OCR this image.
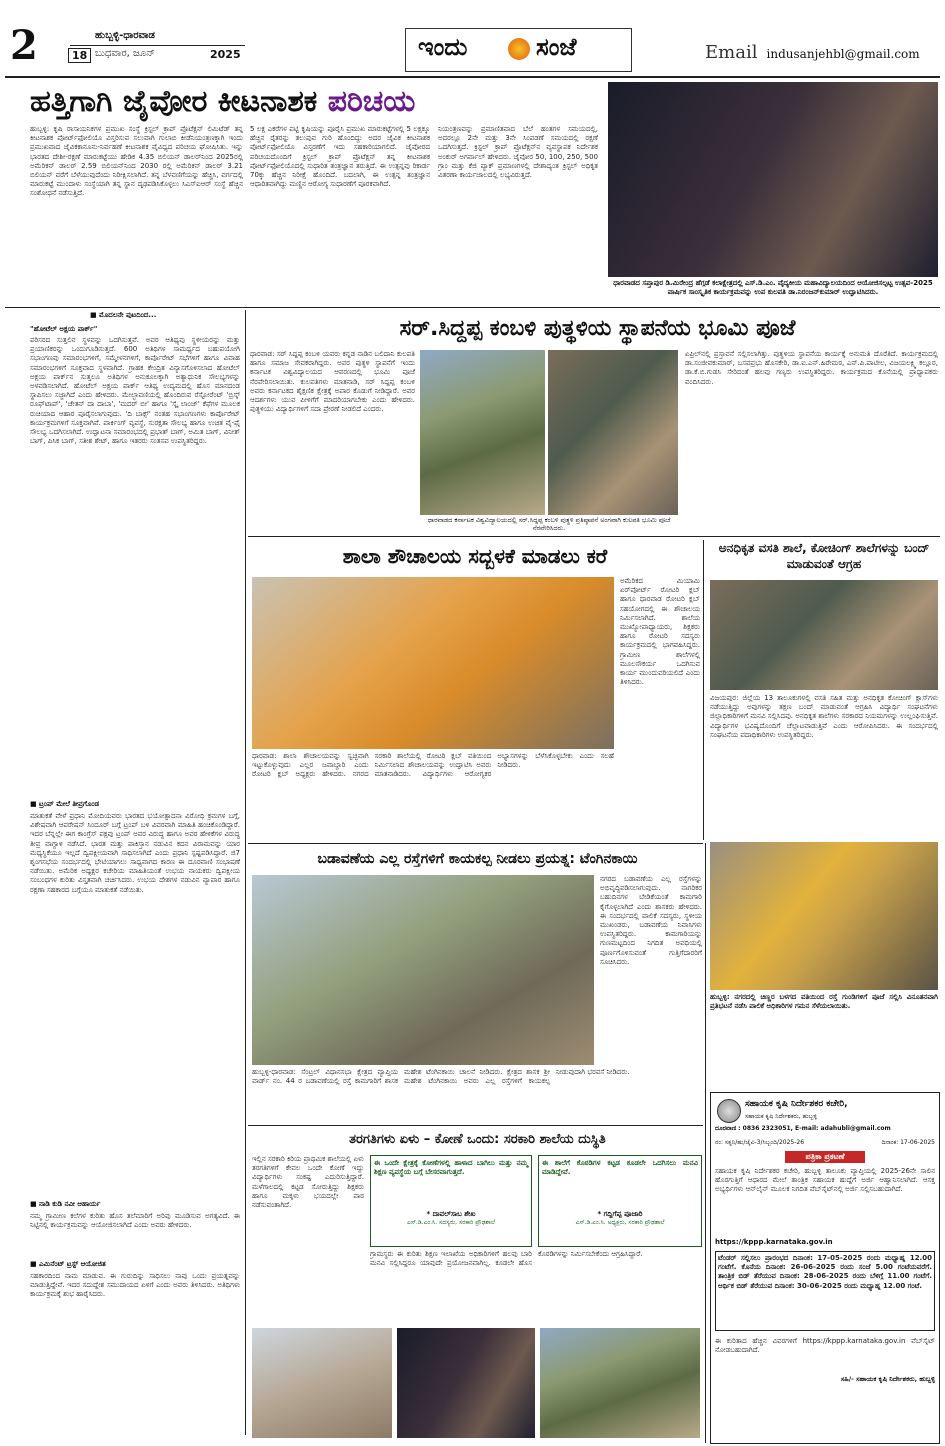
2	18
ಹುಬ್ಬಳ್ಳಿ-ಧಾರವಾಡ
ಬುಧವಾರ, ಜೂನ್	2025	ಇಂದು	ಸಂಜೆ	Email indusanjehbl@gmail.com
ಹತ್ತಿಗಾಗಿ ಜೈವೋರ ಕೀಟನಾಶಕ ಪರಿಚಯ
ಹುಬ್ಬಳ್ಳಿ: ಕೃಷಿ ರಾಸಾಯನಿಕಗಳ ಪ್ರಮುಖ ಸಂಸ್ಥೆ ಕ್ರಿಸ್ಟಲ್ ಕ್ರಾಪ್ ಪ್ರೊಟೆಕ್ಷನ್ ಲಿಮಿಟೆಡ್ ತನ್ನ ಕೀಟನಾಶಕ ಪೋರ್ಟ್‌ಫೋಲಿಯೊ ವಿಸ್ತರಿಸುವ ಸಲುವಾಗಿ ಗುಲಾಬಿ ಕೀಡೆನಿಯಂತ್ರಣಕ್ಕಾಗಿ ಇಂದು ಪ್ರಮುಖವಾದ ಜೈವಿಕಕಾನೂನು-ನಿರ್ವಹಣೆ ಕೀಟನಾಶಕ ವೈವಿಧ್ಯದ ಪರಿಚಯ ಘೋಷಿಸಿತು. ಇನ್ನು ಭಾರತದ ದೇಶೀ-ರಕ್ಷಣೆ ಮಾರುಕಟ್ಟೆಯು ಹೇಡಿಕ 4.35 ಬಿಲಿಯನ್ ಡಾಲರ್‌ನಿಂದ 2025ರಲ್ಲಿ ಅಮೆರಿಕನ್ ಡಾಲರ್ 2.59 ಬಿಲಿಯನ್‌ನಿಂದ 2030 ರಲ್ಲಿ ಅಮೆರಿಕನ್ ಡಾಲರ್ 3.21 ಬಿಲಿಯನ್ ವರೆಗೆ ಬೆಳೆಯುವುದೆಂದು ನಿರೀಕ್ಷಿಸಲಾಗಿದೆ. ತನ್ನ ಬೆಳವಣಿಗೆಯನ್ನು ಹೆಚ್ಚಿಸಿ, ವರ್ಗದಲ್ಲಿ ಮಾರುಕಟ್ಟೆ ಮುಂದಾಳು ಸಂಸ್ಥೆಯಾಗಿ ತನ್ನ ಸ್ಥಾನ ದೃಢಪಡಿಸಿಕೊಳ್ಳಲು ಸಿಎಸ್‌ಐಆರ್ ಸಂಸ್ಥೆ ಹೆಚ್ಚಿನ ಸಂಶೋಧನೆ ನಡೆಸುತ್ತಿದೆ.
5 ಲಕ್ಷ ಎಕರೆಗಳ ಪಟ್ಟಿ ಕೃಷಿಯನ್ನು ಪೂರೈಸಿ ಪ್ರಮುಖ ಮಾರುಕಟ್ಟೆಗಳಲ್ಲಿ 5 ಲಕ್ಷಕ್ಕೂ ಹೆಚ್ಚಿನ ರೈತರನ್ನು ತಲುಪುವ ಗುರಿ ಹೊಂದಿದ್ದು ಅದರ ಜೈವಿಕ ಕೀಟನಾಶಕ ಪೋರ್ಟ್‌ಫೋಲಿಯೊ ವಿಸ್ತರಣೆಗೆ ಇದು ಸಹಕಾರಿಯಾಗಲಿದೆ. ಜೈವೋರದ ಪರಿಚಯದೊಂದಿಗೆ ಕ್ರಿಸ್ಟಲ್ ಕ್ರಾಪ್ ಪ್ರೊಟೆಕ್ಷನ್ ತನ್ನ ಕೀಟನಾಶಕ ಪೋರ್ಟ್‌ಫೋಲಿಯೊದಲ್ಲಿ ಸುಧಾರಿತ ತಂತ್ರಜ್ಞಾನ ತರುತ್ತಿದೆ. ಈ ಉತ್ಪನ್ನವು ರಿಕಾರ್ಡ 70ಕ್ಕು ಹೆಚ್ಚಿನ ನಿರೀಕ್ಷೆ ಹೊಂದಿದೆ. ಬದಲಾಗಿ, ಈ ಉತ್ಪನ್ನ ತಂತ್ರಜ್ಞಾನ ಆಧಾರಿತವಾಗಿದ್ದು ಮಣ್ಣಿನ ಆರೋಗ್ಯ ಸುಧಾರಣೆಗೆ ಪೂರಕವಾಗಿದೆ.
ನಿಯಂತ್ರಣವನ್ನು ಪ್ರಮಾಣಿತವಾದ ಬೆಲೆ ಹಂತಗಳ ಸಮಯದಲ್ಲಿ, ಅದರಲ್ಲೂ 2ನೇ ಮತ್ತು 3ನೇ ಸಿಂಪಡಣೆ ಸಮಯದಲ್ಲಿ ರಕ್ಷಣೆ ಒದಗಿಸುತ್ತದೆ. ಕ್ರಿಸ್ಟಲ್ ಕ್ರಾಪ್ ಪ್ರೊಟೆಕ್ಷನ್‌ನ ವ್ಯವಸ್ಥಾಪಕ ನಿರ್ದೇಶಕ ಅಂಕುರ್ ಅಗರ್ವಾಲ್ ಹೇಳಿದರು. ಜೈವೋರ 50, 100, 250, 500 ಗ್ರಾಂ ಮತ್ತು ಕೆಜಿ ಪ್ಯಾಕ್ ಪ್ರಮಾಣಗಳಲ್ಲಿ ದೇಶಾದ್ಯಂತ ಕ್ರಿಸ್ಟಲ್ ಅಧಿಕೃತ ವಿತರಣಾ ಕಾರ್ಯಜಾಲದಲ್ಲಿ ಲಭ್ಯವಿರುತ್ತದೆ.
ಧಾರವಾಡದ ಸಪ್ತಾಪುರ ಡಿ.ಮಿರೇಂದ್ರ ಹೆಗ್ಗಡೆ ಕಲಾಕ್ಷೇತ್ರದಲ್ಲಿ ಎಸ್.ಡಿ.ಎಂ. ವೈದ್ಯಕೀಯ ಮಹಾವಿದ್ಯಾಲಯದಿಂದ ಆಯೋಜಿಸಲ್ಪಟ್ಟ ಉತ್ಸವ-2025 ವಾರ್ಷಿಕ ಸಾಂಸ್ಕೃತಿಕ ಕಾರ್ಯಕ್ರಮವನ್ನು ಉಪ ಕುಲಪತಿ ಡಾ.ನಿರಂಜನ್‌ಕುಮಾರ್ ಉದ್ಘಾಟಿಸಿದರು.
■ ಮೊದಲನೇ ಪುಟದಿಂದ...
"ಹೋಟೆಲ್ ಅಕ್ಷಯ ಪಾರ್ಕ್"
ಪರಿಸರದ ಸುತ್ತಲಿನ ಸ್ಥಳವನ್ನು ಒದಗಿಸುತ್ತವೆ. ಅವರ ಆತಿಥ್ಯವು ಸ್ಥಳೀಯರನ್ನು ಮತ್ತು ಪ್ರಯಾಣಿಕರನ್ನು ಒಂದುಗೂಡಿಸುತ್ತದೆ. 600 ಅತಿಥಿಗಳ ಸಾಮರ್ಥ್ಯದ ಬಹುಪಯೋಗಿ ಸಭಾಂಗಣವು ಸಮಾರಂಭಗಳಿಗೆ, ಸಮ್ಮೇಳನಗಳಿಗೆ, ಕಾರ್ಪೊರೇಟ್ ಸಭೆಗಳಿಗೆ ಹಾಗೂ ವಿವಾಹ ಸಮಾರಂಭಗಳಿಗೆ ಸೂಕ್ತವಾದ ಸ್ಥಳವಾಗಿದೆ. ಗ್ರಾಹಕ ಕೇಂದ್ರಿತ ವಿನ್ಯಾಸಗೊಳಿಸಲಾದ ಹೋಟೆಲ್ ಅಕ್ಷಯ ಪಾರ್ಕ್‌ನ ಸುತ್ತಲೂ ಅತಿಥಿಗಳ ಅನುಕೂಲಕ್ಕಾಗಿ ಅತ್ಯಾಧುನಿಕ ಸೌಲಭ್ಯಗಳನ್ನು ಅಳವಡಿಸಲಾಗಿದೆ. ಹೋಟೆಲ್ ಅಕ್ಷಯ ಪಾರ್ಕ್ ಆತಿಥ್ಯ ಉದ್ಯಮದಲ್ಲಿ ಹೊಸ ಮಾನದಂಡ ಸ್ಥಾಪಿಸಲು ಸಜ್ಜಾಗಿದೆ ಎಂದು ಹೇಳಿದರು. ಮೇಲ್ಛಾವಣಿಯಲ್ಲಿ ಹೊಂದಿರುವ ರೆಸ್ಟೋರೆಂಟ್ 'ಬ್ರಿಸ್ಕ್ ರೂಫ್‌ಟಾಪ್', 'ಚೇತನ್ ದಾ ದಾಬಾ', 'ಮದರ್ ಬೀ' ಹಾಗೂ 'ಸ್ಕೈ ಲಾಂಜ್' ಕೆಫೆಗಳ ಮೂಲಕ ರುಚಿಯಾದ ಆಹಾರ ಪೂರೈಸಲಾಗುವುದು. 'ದಿ ಬಾಕ್ಸ್' ನಂತಹ ಸಭಾಂಗಣಗಳು ಕಾರ್ಪೊರೇಟ್ ಕಾರ್ಯಕ್ರಮಗಳಿಗೆ ಸೂಕ್ತವಾಗಿವೆ. ಪಾರ್ಕಿಂಗ್ ವ್ಯವಸ್ಥೆ, ಸುರಕ್ಷತಾ ಸೌಲಭ್ಯ ಹಾಗೂ ಉಚಿತ ವೈ-ಫೈ ಸೌಲಭ್ಯ ಒದಗಿಸಲಾಗಿದೆ. ಉದ್ಘಾಟನಾ ಸಮಾರಂಭದಲ್ಲಿ ಪ್ರಭಾತ್ ಬಾಗ್, ಅಮಿತ ಬಾಗ್, ವಿನೀತ್ ಬಾಗ್, ಪಿಸಿಕ ಬಾಗ್, ಸತೀಶ ಶೇಟ್, ಹಾಗೂ ಇತರರು ಸಂತಸವ ಉಪಸ್ಥಿತರಿದ್ದರು.
■ ಟ್ರಂಪ್ ಮೇಲೆ ತೀವ್ರಗೊಂಡ
ಮಾತುಕತೆ ವೇಳೆ ಪ್ರಧಾನಿ ಮೋದಿಯವರು ಭಾರತದ ಭಯೋತ್ಪಾದನಾ ವಿರೋಧಿ ಕ್ರಮಗಳ ಬಗ್ಗೆ, ವಿಶೇಷವಾಗಿ ಆಪರೇಷನ್ ಸಿಂದೂರ್ ಬಗ್ಗೆ ಟ್ರಂಪ್ ಬಳಿ ವಿವರವಾಗಿ ಮಾಹಿತಿ ಹಂಚಿಕೊಂಡಿದ್ದಾರೆ. ಇದರ ಬೆನ್ನಲ್ಲೇ ಈಗ ಕಾಂಗ್ರೆಸ್ ಪಕ್ಷವು ಟ್ರಂಪ್ ಅವರ ವಿರುದ್ಧ ಹಾಗೂ ಅವರ ಹೇಳಿಕೆಗಳ ವಿರುದ್ಧ ತೀವ್ರ ವಾಗ್ದಾಳಿ ನಡೆಸಿದೆ. ಭಾರತ ಮತ್ತು ಪಾಕಿಸ್ತಾನ ನಡುವಿನ ಕದನ ವಿರಾಮವನ್ನು ಯಾರ ಮಧ್ಯಸ್ಥಿಕೆಯೂ ಇಲ್ಲದೆ ದ್ವಿಪಕ್ಷೀಯವಾಗಿ ಸಾಧಿಸಲಾಗಿದೆ ಎಂದು ಪ್ರಧಾನಿ ಸ್ಪಷ್ಟಪಡಿಸಿದ್ದಾರೆ. ಜಿ7 ಶೃಂಗಸಭೆಯ ಸಂದರ್ಭದಲ್ಲಿ ಭೇಟಿಯಾಗಲು ಸಾಧ್ಯವಾಗದ ಕಾರಣ ಈ ದೂರವಾಣಿ ಸಂಭಾಷಣೆ ನಡೆಯಿತು. ಅಮೆರಿಕ ಅಧ್ಯಕ್ಷರ ಕಚೇರಿಯ ಮಾಹಿತಿಯಂತೆ ಉಭಯ ನಾಯಕರು ದ್ವಿಪಕ್ಷೀಯ ಸಂಬಂಧಗಳ ಕುರಿತು ವಿಸ್ತೃತವಾಗಿ ಚರ್ಚಿಸಿದರು. ಉಭಯ ದೇಶಗಳ ನಡುವಿನ ವ್ಯಾಪಾರ ಹಾಗೂ ರಕ್ಷಣಾ ಸಹಕಾರದ ಬಗ್ಗೆಯೂ ಮಾತುಕತೆ ನಡೆಯಿತು.
■ ನಾಡಿ ಕುಡಿ ನವೀ ಆಹಾರ್ಯ
ನಮ್ಮ ಗ್ರಾಮೀಣ ಕಲೆಗಳ ಕುರಿತು ಹೊಸ ತಲೆಮಾರಿಗೆ ಅರಿವು ಮೂಡಿಸುವ ಅಗತ್ಯವಿದೆ. ಈ ನಿಟ್ಟಿನಲ್ಲಿ ಕಾರ್ಯಕ್ರಮವನ್ನು ಆಯೋಜಿಸಲಾಗಿದೆ ಎಂದು ಅವರು ಹೇಳಿದರು.
■ ಎಮಿನೆಂಟ್ ಟ್ರಸ್ಟ್ ಆಯೋಜಿತ
ಸಹಕಾರದಿಂದ ನಾಮ ಮಾಡುವ. ಈ ಗುರುದಿನ್ನು ಸಾಧಿಸಲು ನಾವು ಒಂದು ಪ್ರಯತ್ನವನ್ನು ಮಾಡುತ್ತಿದ್ದೇವೆ. ಇದರ ಸದುದ್ದೇಶ ಸಮುದಾಯದ ಏಳಿಗೆ ಎಂದು ಅವರು ತಿಳಿಸಿದರು. ಅತಿಥಿಗಳು ಕಾರ್ಯಕ್ರಮಕ್ಕೆ ಶುಭ ಹಾರೈಸಿದರು.
ಸರ್.ಸಿದ್ದಪ್ಪ ಕಂಬಳಿ ಪುತ್ಥಳಿಯ ಸ್ಥಾಪನೆಯ ಭೂಮಿ ಪೂಜೆ
ಧಾರವಾಡ: ಸರ್ ಸಿದ್ದಪ್ಪ ಕಂಬಳಿ ಯವರು ಕನ್ನಡ ನಾಡಿನ ಬಲಿದಾನಿ ಕುಲಪತಿ ಹಾಗೂ ಸಮಾಜ ಸೇವಕರಾಗಿದ್ದರು. ಅವರ ಪುತ್ಥಳಿ ಸ್ಥಾಪನೆಗೆ ಇಂದು ಕರ್ನಾಟಕ ವಿಶ್ವವಿದ್ಯಾಲಯದ ಆವರಣದಲ್ಲಿ ಭೂಮಿ ಪೂಜೆ ನೆರವೇರಿಸಲಾಯಿತು. ಕುಲಪತಿಗಳು ಮಾತನಾಡಿ, ಸರ್ ಸಿದ್ದಪ್ಪ ಕಂಬಳಿ ಅವರು ಕರ್ನಾಟಕದ ಶೈಕ್ಷಣಿಕ ಕ್ಷೇತ್ರಕ್ಕೆ ಅಪಾರ ಕೊಡುಗೆ ನೀಡಿದ್ದಾರೆ. ಅವರ ಆದರ್ಶಗಳು ಯುವ ಪೀಳಿಗೆಗೆ ಮಾದರಿಯಾಗಬೇಕು ಎಂದು ಹೇಳಿದರು. ಪುತ್ಥಳಿಯು ವಿದ್ಯಾರ್ಥಿಗಳಿಗೆ ಸದಾ ಪ್ರೇರಣೆ ನೀಡಲಿದೆ ಎಂದರು.
ಧಾರವಾಡದ ಕರ್ನಾಟಕ ವಿಶ್ವವಿದ್ಯಾಲಯದಲ್ಲಿ ಸರ್.ಸಿದ್ದಪ್ಪ ಕಂಬಳಿ ಪುತ್ಥಳಿ ಪ್ರತಿಷ್ಠಾಪನೆ ಅಂಗವಾಗಿ ಕುಲಪತಿ ಭೂಮಿ ಪೂಜೆ ನೆರವೇರಿಸಿದರು.
ಏಪ್ರಿಲ್‌ನಲ್ಲಿ ಪ್ರಸ್ತಾವನೆ ಸಲ್ಲಿಸಲಾಗಿತ್ತು. ಪುತ್ಥಳಿಯ ಸ್ಥಾಪನೆಯ ಕಾರ್ಯಕ್ಕೆ ಅನುಮತಿ ದೊರೆತಿದೆ. ಕಾರ್ಯಕ್ರಮದಲ್ಲಿ ಡಾ.ಸಂಜೀವಕುಮಾರ್, ಬಸವಪ್ರಭು ಹೊಸಕೇರಿ, ಡಾ.ಐ.ಎನ್.ಹಿರೇಮಠ, ಎನ್.ಪಿ.ಪಾಟೀಲ, ವಿಜಯಲಕ್ಷ್ಮಿ ಕಲ್ಲೂರ, ಡಾ.ಕೆ.ಬಿ.ಗುಡಸಿ ಸೇರಿದಂತೆ ಹಲವು ಗಣ್ಯರು ಉಪಸ್ಥಿತರಿದ್ದರು. ಕಾರ್ಯಕ್ರಮದ ಕೊನೆಯಲ್ಲಿ ಪ್ರಾಧ್ಯಾಪಕರು ವಂದಿಸಿದರು.
ಶಾಲಾ ಶೌಚಾಲಯ ಸದ್ಬಳಕೆ ಮಾಡಲು ಕರೆ
ಧಾರವಾಡ: ಶಾಲಾ ಶೌಚಾಲಯವನ್ನು ಸ್ವಚ್ಛವಾಗಿ ಇಟ್ಟುಕೊಳ್ಳುವುದು ಎಲ್ಲರ ಜವಾಬ್ದಾರಿ ಎಂದು ರೋಟರಿ ಕ್ಲಬ್ ಅಧ್ಯಕ್ಷರು ಹೇಳಿದರು. ನಗರದ ಸರಕಾರಿ ಶಾಲೆಯಲ್ಲಿ ರೋಟರಿ ಕ್ಲಬ್ ವತಿಯಿಂದ ನಿರ್ಮಿಸಲಾದ ಶೌಚಾಲಯವನ್ನು ಉದ್ಘಾಟಿಸಿ ಅವರು ಮಾತನಾಡಿದರು. ವಿದ್ಯಾರ್ಥಿಗಳು ಆರೋಗ್ಯಕರ ಅಭ್ಯಾಸಗಳನ್ನು ಬೆಳೆಸಿಕೊಳ್ಳಬೇಕು ಎಂದು ಸಲಹೆ ನೀಡಿದರು.
ಅಮೆರಿಕದ ಮಿಯಾಮಿ ಏರ್‌ಪೋರ್ಟ್ ರೋಟರಿ ಕ್ಲಬ್ ಹಾಗೂ ಧಾರವಾಡ ರೋಟರಿ ಕ್ಲಬ್ ಸಹಯೋಗದಲ್ಲಿ ಈ ಶೌಚಾಲಯ ನಿರ್ಮಿಸಲಾಗಿದೆ. ಶಾಲೆಯ ಮುಖ್ಯೋಪಾಧ್ಯಾಯರು, ಶಿಕ್ಷಕರು ಹಾಗೂ ರೋಟರಿ ಸದಸ್ಯರು ಕಾರ್ಯಕ್ರಮದಲ್ಲಿ ಭಾಗವಹಿಸಿದ್ದರು. ಗ್ರಾಮೀಣ ಶಾಲೆಗಳಲ್ಲಿ ಮೂಲಸೌಕರ್ಯ ಒದಗಿಸುವ ಕಾರ್ಯ ಮುಂದುವರಿಯಲಿದೆ ಎಂದು ತಿಳಿಸಿದರು.
ಅನಧಿಕೃತ ವಸತಿ ಶಾಲೆ, ಕೋಚಿಂಗ್ ಶಾಲೆಗಳನ್ನು ಬಂದ್ ಮಾಡುವಂತೆ ಆಗ್ರಹ
ವಿಜಯಪುರ: ಜಿಲ್ಲೆಯ 13 ತಾಲೂಕುಗಳಲ್ಲಿ ವಸತಿ ಸಹಿತ ಮತ್ತು ಅನಧಿಕೃತ ಕೋಚಿಂಗ್ ಕ್ಲಾಸ್‌ಗಳು ನಡೆಯುತ್ತಿದ್ದು ಅವುಗಳನ್ನು ತಕ್ಷಣ ಬಂದ್ ಮಾಡುವಂತೆ ಆಗ್ರಹಿಸಿ ವಿದ್ಯಾರ್ಥಿ ಸಂಘಟನೆಗಳು ಜಿಲ್ಲಾಧಿಕಾರಿಗಳಿಗೆ ಮನವಿ ಸಲ್ಲಿಸಿದವು. ಅನಧಿಕೃತ ಶಾಲೆಗಳು ಸರಕಾರದ ನಿಯಮಗಳನ್ನು ಉಲ್ಲಂಘಿಸುತ್ತಿವೆ. ವಿದ್ಯಾರ್ಥಿಗಳ ಭವಿಷ್ಯದೊಂದಿಗೆ ಚೆಲ್ಲಾಟವಾಡುತ್ತಿವೆ ಎಂದು ಆರೋಪಿಸಿದರು. ಈ ಸಂದರ್ಭದಲ್ಲಿ ಸಂಘಟನೆಯ ಪದಾಧಿಕಾರಿಗಳು ಉಪಸ್ಥಿತರಿದ್ದರು.
ಹುಬ್ಬಳ್ಳಿ: ನಗರದಲ್ಲಿ ಚಿಣ್ಣರ ಬಳಗದ ವತಿಯಿಂದ ರಸ್ತೆ ಗುಂಡಿಗಳಿಗೆ ಪೂಜೆ ಸಲ್ಲಿಸಿ ವಿನೂತನವಾಗಿ ಪ್ರತಿಭಟನೆ ನಡೆಸಿ ಪಾಲಿಕೆ ಅಧಿಕಾರಿಗಳ ಗಮನ ಸೆಳೆಯಲಾಯಿತು.
ಬಡಾವಣೆಯ ಎಲ್ಲ ರಸ್ತೆಗಳಿಗೆ ಕಾಯಕಲ್ಪ ನೀಡಲು ಪ್ರಯತ್ನ: ಟೆಂಗಿನಕಾಯಿ
ನಗರದ ಬಡಾವಣೆಯ ಎಲ್ಲ ರಸ್ತೆಗಳನ್ನು ಅಭಿವೃದ್ಧಿಪಡಿಸಲಾಗುವುದು. ನಾಗರಿಕರ ಬಹುದಿನಗಳ ಬೇಡಿಕೆಯಂತೆ ಕಾಮಗಾರಿ ಕೈಗೊಳ್ಳಲಾಗಿದೆ ಎಂದು ಶಾಸಕರು ಹೇಳಿದರು. ಈ ಸಂದರ್ಭದಲ್ಲಿ ಪಾಲಿಕೆ ಸದಸ್ಯರು, ಸ್ಥಳೀಯ ಮುಖಂಡರು, ಬಡಾವಣೆಯ ನಿವಾಸಿಗಳು ಉಪಸ್ಥಿತರಿದ್ದರು. ಕಾಮಗಾರಿಯನ್ನು ಗುಣಮಟ್ಟದಿಂದ ನಿಗದಿತ ಅವಧಿಯಲ್ಲಿ ಪೂರ್ಣಗೊಳಿಸುವಂತೆ ಗುತ್ತಿಗೆದಾರರಿಗೆ ಸೂಚಿಸಿದರು.
ಹುಬ್ಬಳ್ಳಿ-ಧಾರವಾಡ: ಸೆಂಟ್ರಲ್ ವಿಧಾನಸಭಾ ಕ್ಷೇತ್ರದ ವ್ಯಾಪ್ತಿಯ ವಾರ್ಡ್ ನಂ. 44 ರ ಬಡಾವಣೆಯಲ್ಲಿ ರಸ್ತೆ ಕಾಮಗಾರಿಗೆ ಶಾಸಕ ಮಹೇಶ ಟೆಂಗಿನಕಾಯಿ ಚಾಲನೆ ನೀಡಿದರು. ಕ್ಷೇತ್ರದ ಶಾಸಕ ಶ್ರೀ ಮಹೇಶ ಟೆಂಗಿನಕಾಯಿ ಅವರು ಎಲ್ಲ ರಸ್ತೆಗಳಿಗೆ ಕಾಯಕಲ್ಪ ನೀಡುವುದಾಗಿ ಭರವಸೆ ನೀಡಿದರು.
ತರಗತಿಗಳು ಏಳು – ಕೋಣೆ ಒಂದು: ಸರಕಾರಿ ಶಾಲೆಯ ದುಸ್ಥಿತಿ
ಇಲ್ಲಿನ ಸರಕಾರಿ ಕಿರಿಯ ಪ್ರಾಥಮಿಕ ಶಾಲೆಯಲ್ಲಿ ಏಳು ತರಗತಿಗಳಿಗೆ ಕೇವಲ ಒಂದೇ ಕೋಣೆ ಇದ್ದು ವಿದ್ಯಾರ್ಥಿಗಳು ಸಂಕಷ್ಟ ಎದುರಿಸುತ್ತಿದ್ದಾರೆ. ಮಳೆಗಾಲದಲ್ಲಿ ಕಟ್ಟಡ ಸೋರುತ್ತಿದ್ದು ಶಿಕ್ಷಕರು ಹಾಗೂ ಮಕ್ಕಳು ಭಯದಲ್ಲೇ ಪಾಠ ನಡೆಸುವಂತಾಗಿದೆ.
ಈ ಒಂದೇ ಕ್ಷೇತ್ರಕ್ಕೆ ಕೋಣೆಗಳಲ್ಲಿ ಹಾಳಾದ ಬಾಗಿಲು ಮತ್ತು ನಮ್ಮ ಶಿಕ್ಷಣ ವ್ಯವಸ್ಥೆಯ ಬಗ್ಗೆ ಬೇಸರವಾಗುತ್ತದೆ.
* ದಾವಲ್‌ಸಾಬ ಶೇಖ
ಎಸ್.ಡಿ.ಎಂ.ಸಿ. ಸದಸ್ಯರು, ಸರಕಾರಿ ಪ್ರೌಢಶಾಲೆ
ಈ ಶಾಲೆಗೆ ಕೊಠಡಿಗಳ ಕಟ್ಟಡ ಕೂಡಲೇ ಒದಗಿಸಲು ಮನವಿ ಮಾಡಿದ್ದೇವೆ.
* ಗದ್ದಿಗೆಪ್ಪ ಪೂಜಾರಿ
ಎಸ್.ಡಿ.ಎಂ.ಸಿ. ಅಧ್ಯಕ್ಷರು, ಸರಕಾರಿ ಪ್ರೌಢಶಾಲೆ
ಗ್ರಾಮಸ್ಥರು ಈ ಕುರಿತು ಶಿಕ್ಷಣ ಇಲಾಖೆಯ ಅಧಿಕಾರಿಗಳಿಗೆ ಹಲವು ಬಾರಿ ಮನವಿ ಸಲ್ಲಿಸಿದ್ದರೂ ಯಾವುದೇ ಪ್ರಯೋಜನವಾಗಿಲ್ಲ. ಕೂಡಲೇ ಹೊಸ ಕೊಠಡಿಗಳನ್ನು ನಿರ್ಮಿಸಬೇಕೆಂದು ಆಗ್ರಹಿಸಿದ್ದಾರೆ.
ಸಹಾಯಕ ಕೃಷಿ ನಿರ್ದೇಶಕರ ಕಚೇರಿ,
ಸಹಾಯಕ ಕೃಷಿ ನಿರ್ದೇಶಕರು, ಹುಬ್ಬಳ್ಳಿ
ದೂರವಾಣಿ : 0836 2323051, E-mail: adahubli@gmail.com
ನಂ: ಸಕೃನಿ/ಹು/ಜೈವಿ-3/ಸಿಬ್ಬಂದಿ/2025-26	ದಿನಾಂಕ: 17-06-2025
ಪತ್ರಿಕಾ ಪ್ರಕಟಣೆ
ಸಹಾಯಕ ಕೃಷಿ ನಿರ್ದೇಶಕರ ಕಚೇರಿ, ಹುಬ್ಬಳ್ಳಿ ತಾಲೂಕು ವ್ಯಾಪ್ತಿಯಲ್ಲಿ 2025-26ನೇ ಸಾಲಿನ ಹೊರಗುತ್ತಿಗೆ ಆಧಾರದ ಮೇಲೆ ತಾಂತ್ರಿಕ ಸಹಾಯಕ ಹುದ್ದೆಗೆ ಅರ್ಜಿ ಆಹ್ವಾನಿಸಲಾಗಿದೆ. ಆಸಕ್ತ ಅಭ್ಯರ್ಥಿಗಳು ಆನ್‌ಲೈನ್ ಮೂಲಕ ನಿಗದಿತ ವೆಬ್‌ಸೈಟ್‌ನಲ್ಲಿ ಅರ್ಜಿ ಸಲ್ಲಿಸಬಹುದಾಗಿದೆ.
https://kppp.karnataka.gov.in
ಟೆಂಡರ್ ಸಲ್ಲಿಸಲು ಪ್ರಾರಂಭದ ದಿನಾಂಕ: 17-05-2025 ರಂದು ಮಧ್ಯಾಹ್ನ 12.00 ಗಂಟೆಗೆ. ಕೊನೆಯ ದಿನಾಂಕ: 26-06-2025 ರಂದು ಸಂಜೆ 5.00 ಗಂಟೆಯವರೆಗೆ. ತಾಂತ್ರಿಕ ಬಿಡ್ ತೆರೆಯುವ ದಿನಾಂಕ: 28-06-2025 ರಂದು ಬೆಳಿಗ್ಗೆ 11.00 ಗಂಟೆಗೆ. ಆರ್ಥಿಕ ಬಿಡ್ ತೆರೆಯುವ ದಿನಾಂಕ: 30-06-2025 ರಂದು ಮಧ್ಯಾಹ್ನ 12.00 ಗಂಟೆ.
ಈ ಕುರಿತಾದ ಹೆಚ್ಚಿನ ವಿವರಗಳಿಗೆ https://kppp.karnataka.gov.in ವೆಬ್‌ಸೈಟ್ ನೋಡಬಹುದಾಗಿದೆ.
ಸಹಿ/- ಸಹಾಯಕ ಕೃಷಿ ನಿರ್ದೇಶಕರು, ಹುಬ್ಬಳ್ಳಿ
